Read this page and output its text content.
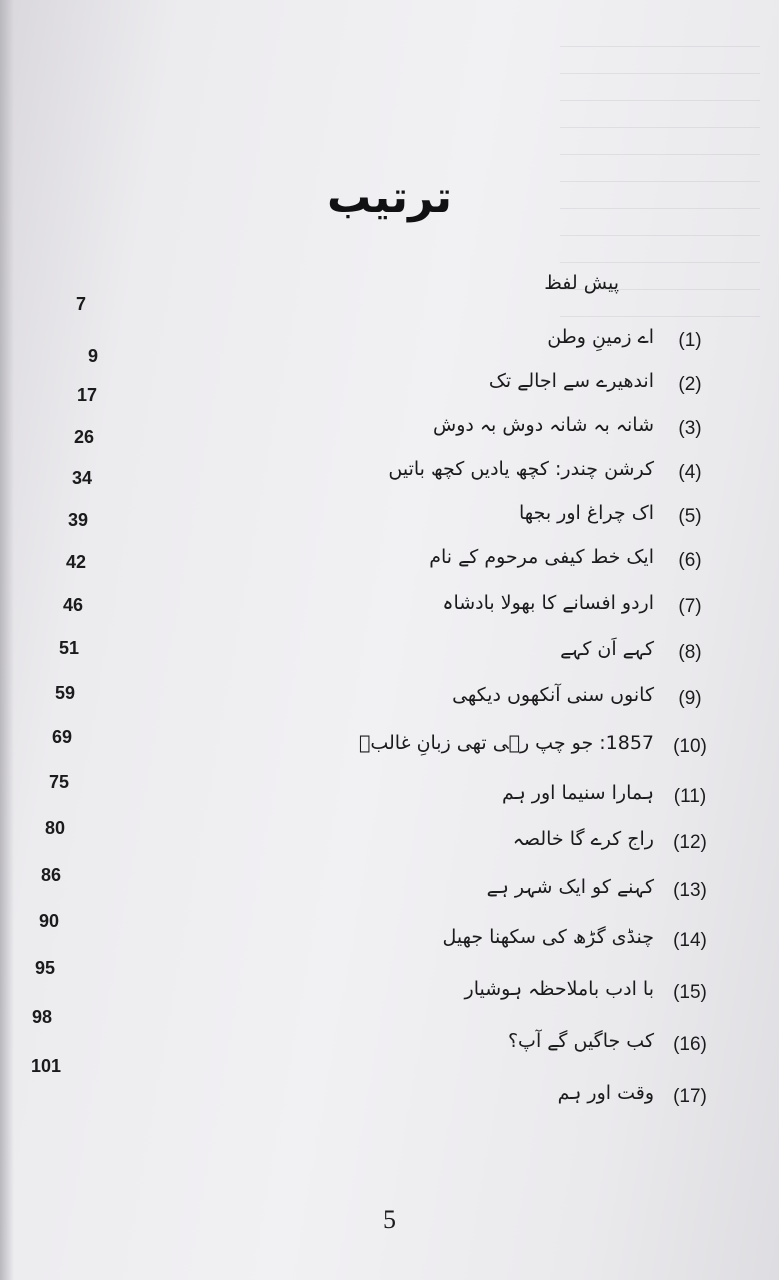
ترتیب
پیش لفظ
7
(1)
اے زمینِ وطن
(2)
اندھیرے سے اجالے تک
(3)
شانہ بہ شانہ دوش بہ دوش
(4)
کرشن چندر: کچھ یادیں کچھ باتیں
(5)
اک چراغ اور بجھا
(6)
ایک خط کیفی مرحوم کے نام
(7)
اردو افسانے کا بھولا بادشاہ
(8)
کہے اَن کہے
(9)
کانوں سنی آنکھوں دیکھی
(10)
1857: جو چپ رہی تھی زبانِ غالبؔ
(11)
ہمارا سنیما اور ہم
(12)
راج کرے گا خالصہ
(13)
کہنے کو ایک شہر ہے
(14)
چنڈی گڑھ کی سکھنا جھیل
(15)
با ادب باملاحظہ ہوشیار
(16)
کب جاگیں گے آپ؟
(17)
وقت اور ہم
9
17
26
34
39
42
46
51
59
69
75
80
86
90
95
98
101
5
